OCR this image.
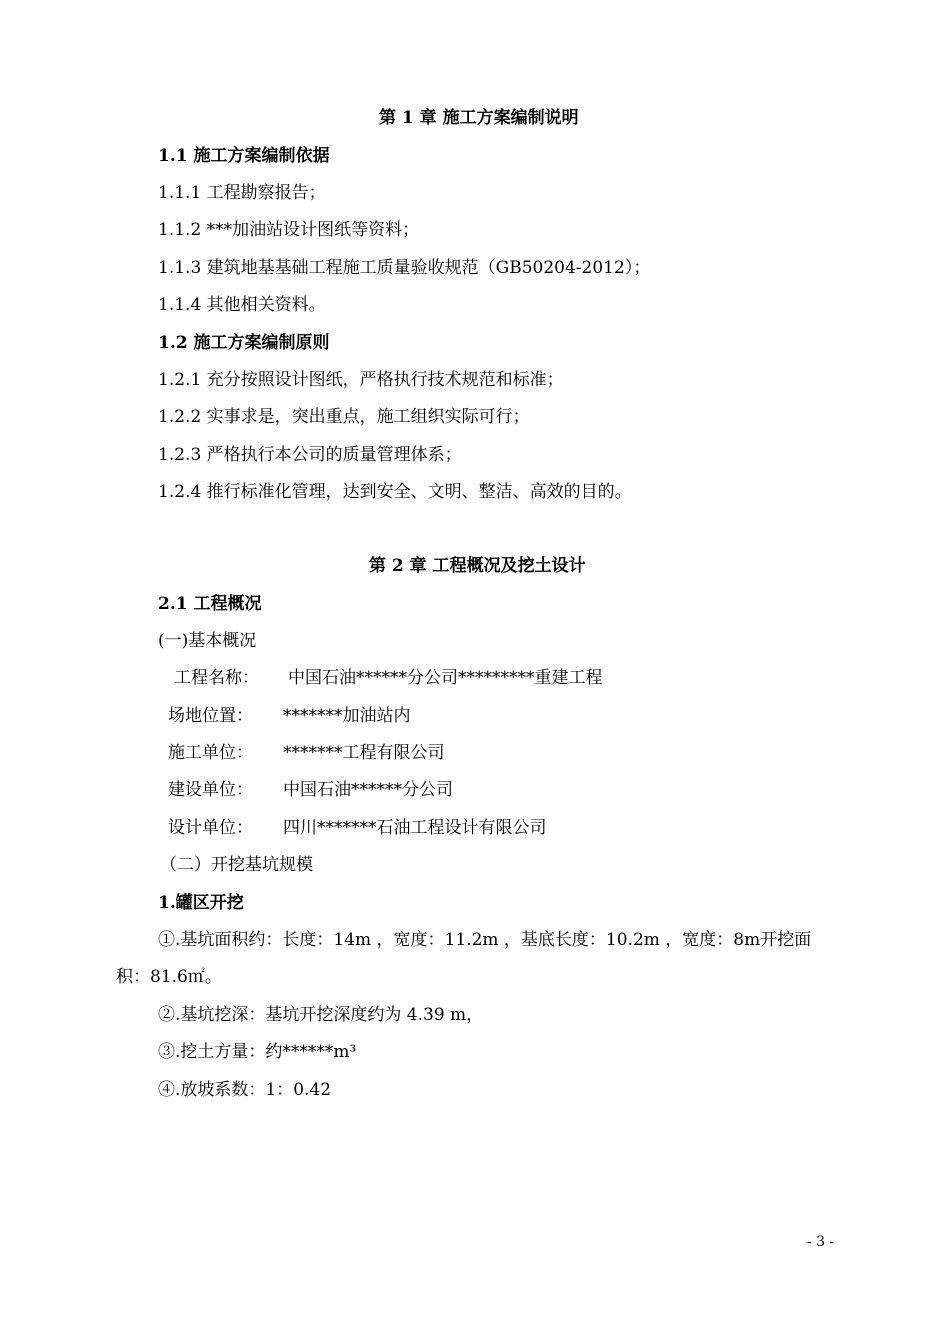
第 1 章 施工方案编制说明
1.1 施工方案编制依据
1.1.1 工程勘察报告；
1.1.2 ***加油站设计图纸等资料；
1.1.3 建筑地基基础工程施工质量验收规范（GB50204-2012）；
1.1.4 其他相关资料。
1.2 施工方案编制原则
1.2.1 充分按照设计图纸，严格执行技术规范和标准；
1.2.2 实事求是，突出重点，施工组织实际可行；
1.2.3 严格执行本公司的质量管理体系；
1.2.4 推行标准化管理，达到安全、文明、整洁、高效的目的。
第 2 章 工程概况及挖土设计
2.1 工程概况
(一)基本概况
工程名称： 中国石油******分公司*********重建工程
场地位置： *******加油站内
施工单位： *******工程有限公司
建设单位： 中国石油******分公司
设计单位： 四川*******石油工程设计有限公司
（二）开挖基坑规模
1.罐区开挖
①.基坑面积约：长度：14m ，宽度：11.2m ，基底长度：10.2m ，宽度：8m开挖面
积：81.6㎡。
②.基坑挖深：基坑开挖深度约为 4.39 m，
③.挖土方量：约******m³
④.放坡系数：1：0.42
- 3 -
